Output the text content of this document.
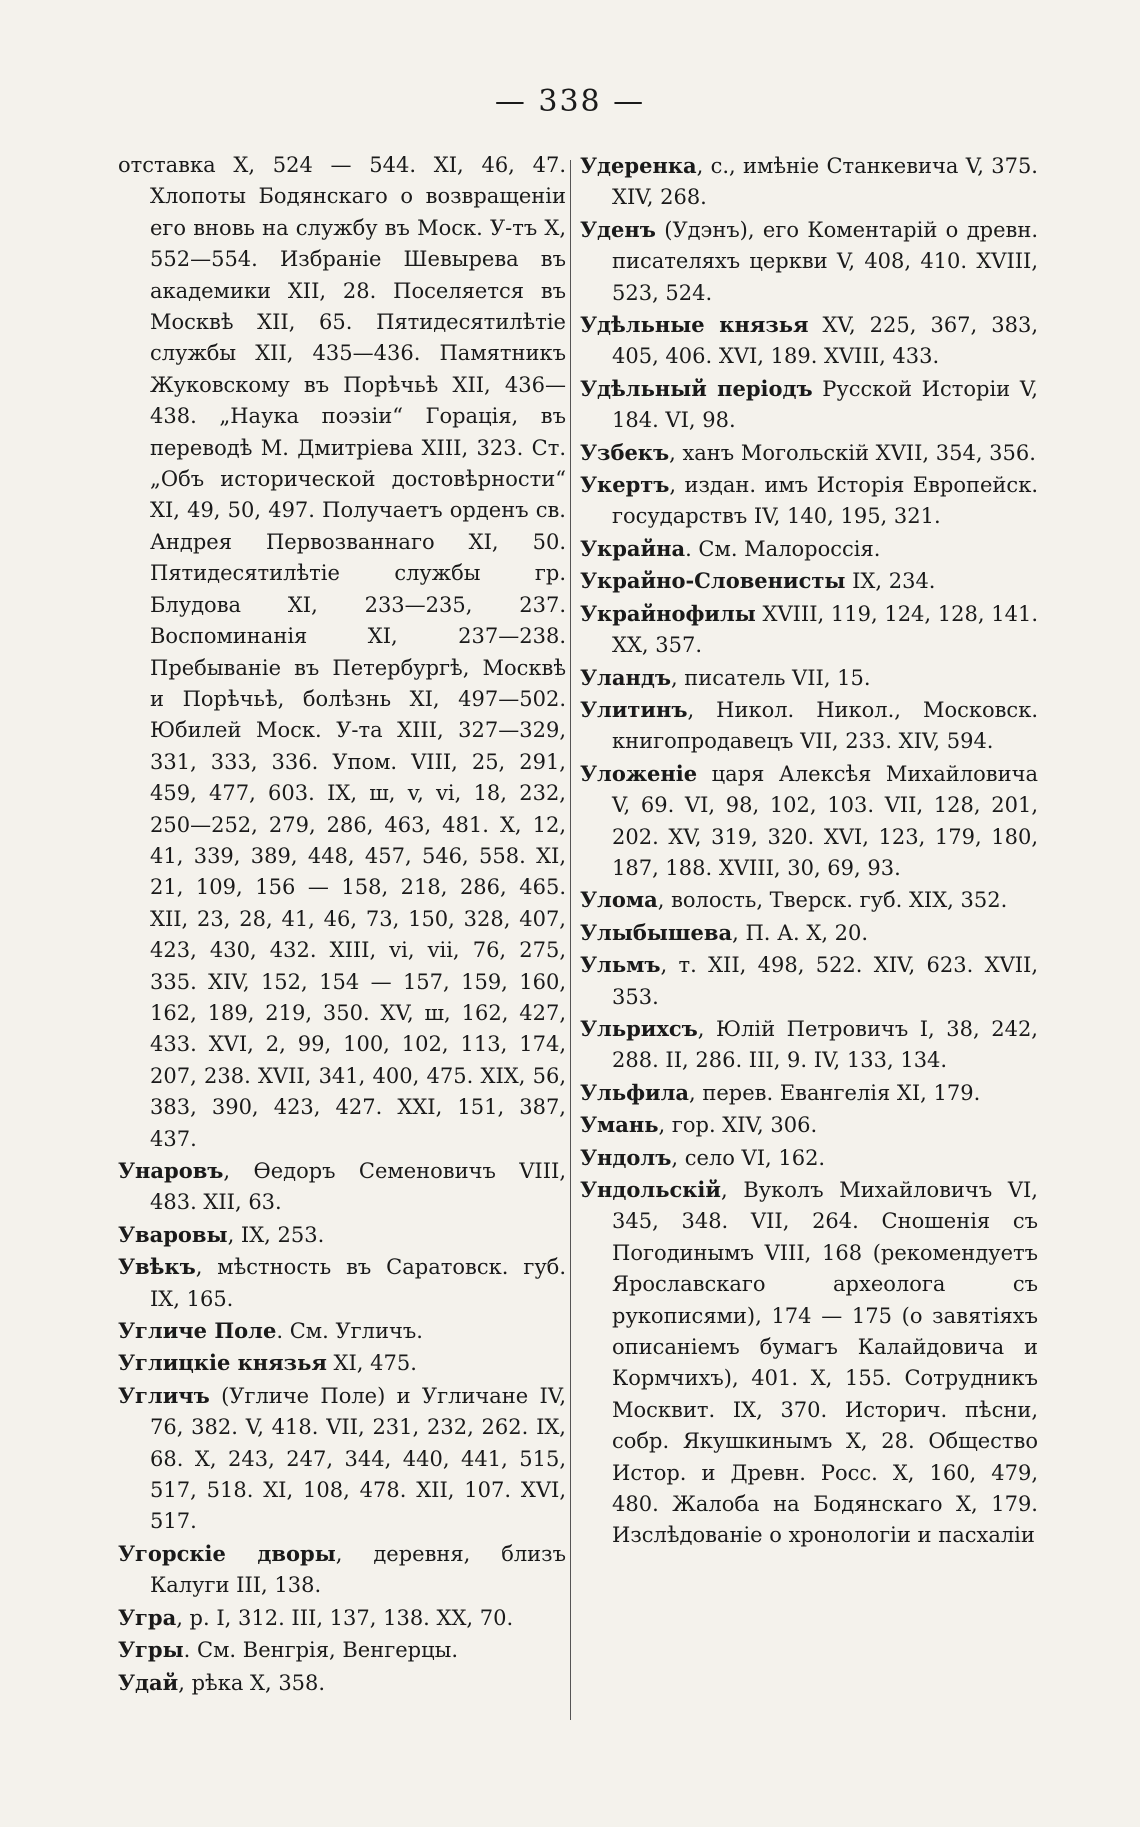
— 338 —

отставка X, 524 — 544. XI, 46, 47. Хлопоты Бодянскаго о возвращеніи его вновь на службу въ Моск. У-тъ X, 552—554. Избраніе Шевырева въ академики XII, 28. Поселяется въ Москвѣ XII, 65. Пятидесятилѣтіе службы XII, 435—436. Памятникъ Жуковскому въ Порѣчьѣ XII, 436—438. „Наука поэзіи“ Горація, въ переводѣ М. Дмитріева XIII, 323. Ст. „Объ исторической достовѣрности“ XI, 49, 50, 497. Получаетъ орденъ св. Андрея Первозваннаго XI, 50. Пятидесятилѣтіе службы гр. Блудова XI, 233—235, 237. Воспоминанія XI, 237—238. Пребываніе въ Петербургѣ, Москвѣ и Порѣчьѣ, болѣзнь XI, 497—502. Юбилей Моск. У-та XIII, 327—329, 331, 333, 336. Упом. VIII, 25, 291, 459, 477, 603. IX, ш, v, vi, 18, 232, 250—252, 279, 286, 463, 481. X, 12, 41, 339, 389, 448, 457, 546, 558. XI, 21, 109, 156 — 158, 218, 286, 465. XII, 23, 28, 41, 46, 73, 150, 328, 407, 423, 430, 432. XIII, vi, vii, 76, 275, 335. XIV, 152, 154 — 157, 159, 160, 162, 189, 219, 350. XV, ш, 162, 427, 433. XVI, 2, 99, 100, 102, 113, 174, 207, 238. XVII, 341, 400, 475. XIX, 56, 383, 390, 423, 427. XXI, 151, 387, 437.

Унаровъ, Ѳедоръ Семеновичъ VIII, 483. XII, 63.

Уваровы, IX, 253.

Увѣкъ, мѣстность въ Саратовск. губ. IX, 165.

Угличе Поле. См. Угличъ.

Углицкіе князья XI, 475.

Угличъ (Угличе Поле) и Угличане IV, 76, 382. V, 418. VII, 231, 232, 262. IX, 68. X, 243, 247, 344, 440, 441, 515, 517, 518. XI, 108, 478. XII, 107. XVI, 517.

Угорскіе дворы, деревня, близъ Калуги III, 138.

Угра, р. I, 312. III, 137, 138. XX, 70.

Угры. См. Венгрія, Венгерцы.

Удай, рѣка X, 358.

Удеренка, с., имѣніе Станкевича V, 375. XIV, 268.

Уденъ (Удэнъ), его Коментарій о древн. писателяхъ церкви V, 408, 410. XVIII, 523, 524.

Удѣльные князья XV, 225, 367, 383, 405, 406. XVI, 189. XVIII, 433.

Удѣльный періодъ Русской Исторіи V, 184. VI, 98.

Узбекъ, ханъ Могольскій XVII, 354, 356.

Укертъ, издан. имъ Исторія Европейск. государствъ IV, 140, 195, 321.

Украйна. См. Малороссія.

Украйно-Словенисты IX, 234.

Украйнофилы XVIII, 119, 124, 128, 141. XX, 357.

Уландъ, писатель VII, 15.

Улитинъ, Никол. Никол., Московск. книгопродавецъ VII, 233. XIV, 594.

Уложеніе царя Алексѣя Михайловича V, 69. VI, 98, 102, 103. VII, 128, 201, 202. XV, 319, 320. XVI, 123, 179, 180, 187, 188. XVIII, 30, 69, 93.

Улома, волость, Тверск. губ. XIX, 352.

Улыбышева, П. А. X, 20.

Ульмъ, т. XII, 498, 522. XIV, 623. XVII, 353.

Ульрихсъ, Юлій Петровичъ I, 38, 242, 288. II, 286. III, 9. IV, 133, 134.

Ульфила, перев. Евангелія XI, 179.

Умань, гор. XIV, 306.

Ундолъ, село VI, 162.

Ундольскій, Вуколъ Михайловичъ VI, 345, 348. VII, 264. Сношенія съ Погодинымъ VIII, 168 (рекомендуетъ Ярославскаго археолога съ рукописями), 174 — 175 (о завятіяхъ описаніемъ бумагъ Калайдовича и Кормчихъ), 401. X, 155. Сотрудникъ Москвит. IX, 370. Историч. пѣсни, собр. Якушкинымъ X, 28. Общество Истор. и Древн. Росс. X, 160, 479, 480. Жалоба на Бодянскаго X, 179. Изслѣдованіе о хронологіи и пасхаліи
